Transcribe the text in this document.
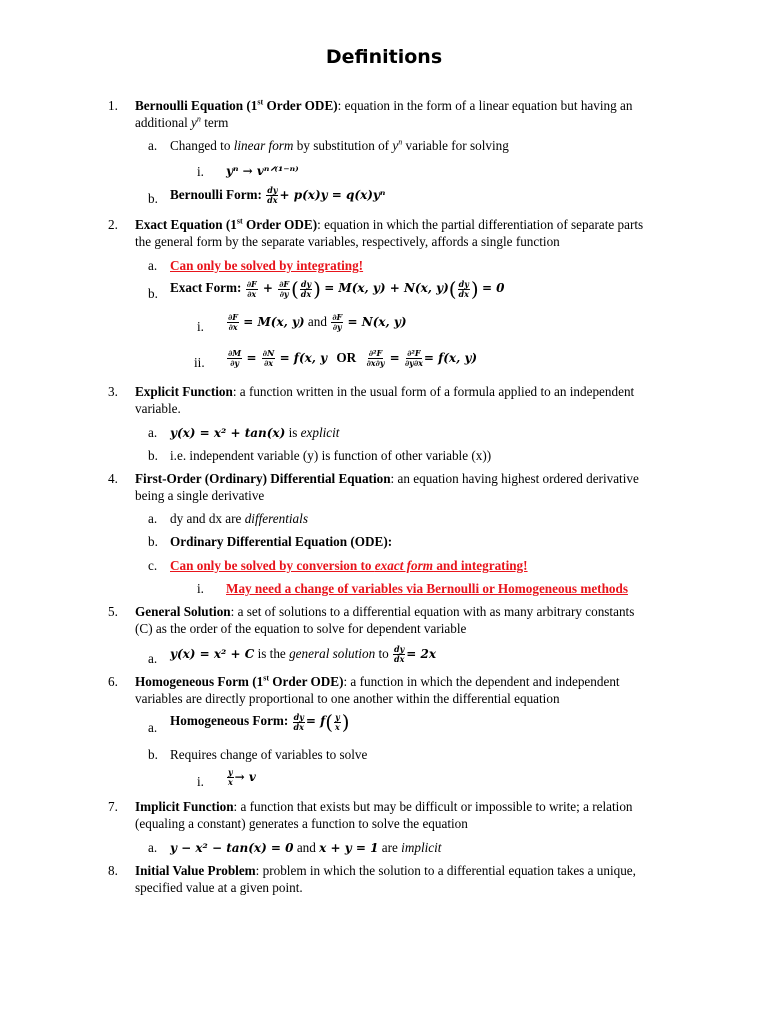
Definitions
1. Bernoulli Equation (1st Order ODE): equation in the form of a linear equation but having an
additional $y^n$ term
a. Changed to linear form by substitution of $y^n$ variable for solving
i. yⁿ → vⁿᐟ⁽¹⁻ⁿ⁾
b. Bernoulli Form: $\frac{dy}{dx} + p(x)y = q(x)y^n$
2. Exact Equation (1st Order ODE): equation in which the partial differentiation of separate parts
the general form by the separate variables, respectively, affords a single function
a. Can only be solved by integrating!
b. Exact Form: $\frac{\partial F}{\partial x} + \frac{\partial F}{\partial y}$ ( $\frac{dy}{dx}$ ) = M(x, y) + N(x, $y)( \frac{dy}{dx}$ ) = 0
i.	$\frac{\partial F}{\partial x} = M(x$, y) and $\frac{\partial F}{\partial y} = N(x$, y)
ii.	$\frac{\partial M}{\partial y} = \frac{\partial N}{\partial x} = f(x$, y OR $\frac{\text{∂²F}}{\partial x\partial y} = \frac{\text{∂²F}}{\partial y\partial x} = f(x$, y)
3. Explicit Function: a function written in the usual form of a formula applied to an independent
variable.
a. y(x) = x² + tan(x) is explicit
b. i.e. independent variable (y) is function of other variable (x))
4. First-Order (Ordinary) Differential Equation: an equation having highest ordered derivative
being a single derivative
a. dy and dx are differentials
b. Ordinary Differential Equation (ODE):
c. Can only be solved by conversion to exact form and integrating!
i. May need a change of variables via Bernoulli or Homogeneous methods
5. General Solution: a set of solutions to a differential equation with as many arbitrary constants
(C) as the order of the equation to solve for dependent variable
a. y(x) = x² + C is the general solution to $\frac{dy}{dx} = 2x$
6. Homogeneous Form (1st Order ODE): a function in which the dependent and independent
variables are directly proportional to one another within the differential equation
a. Homogeneous Form: $\frac{dy}{dx} = f( \frac{y}{x}$ )
b. Requires change of variables to solve
i.	$\frac{y}{x} \to v$
7. Implicit Function: a function that exists but may be difficult or impossible to write; a relation
(equaling a constant) generates a function to solve the equation
a. y − x² − tan(x) = 0 and x + y = 1 are implicit
8. Initial Value Problem: problem in which the solution to a differential equation takes a unique,
specified value at a given point.
